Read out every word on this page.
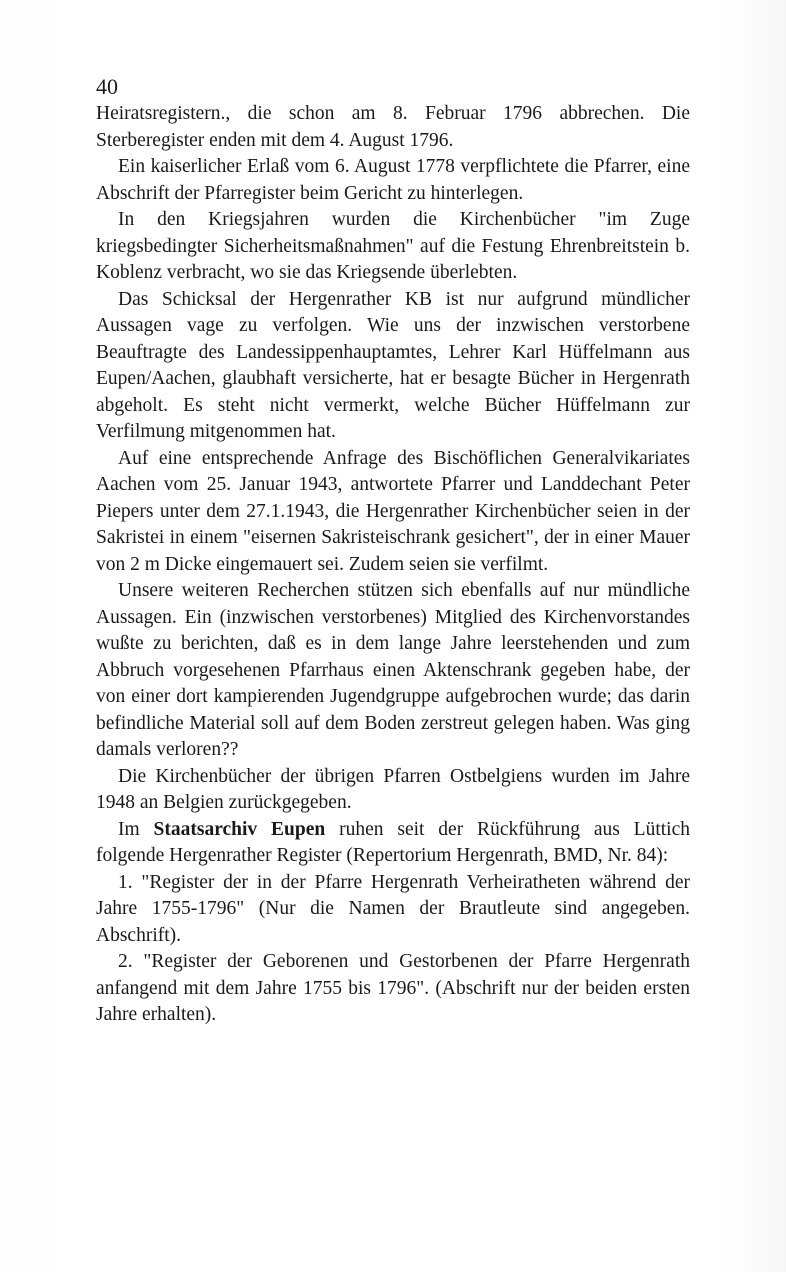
40

Heiratsregistern., die schon am 8. Februar 1796 abbrechen. Die Sterberegister enden mit dem 4. August 1796.

Ein kaiserlicher Erlaß vom 6. August 1778 verpflichtete die Pfarrer, eine Abschrift der Pfarregister beim Gericht zu hinterlegen.

In den Kriegsjahren wurden die Kirchenbücher "im Zuge kriegsbedingter Sicherheitsmaßnahmen" auf die Festung Ehrenbreitstein b. Koblenz verbracht, wo sie das Kriegsende überlebten.

Das Schicksal der Hergenrather KB ist nur aufgrund mündlicher Aussagen vage zu verfolgen. Wie uns der inzwischen verstorbene Beauftragte des Landessippenhauptamtes, Lehrer Karl Hüffelmann aus Eupen/Aachen, glaubhaft versicherte, hat er besagte Bücher in Hergenrath abgeholt. Es steht nicht vermerkt, welche Bücher Hüffelmann zur Verfilmung mitgenommen hat.

Auf eine entsprechende Anfrage des Bischöflichen Generalvikariates Aachen vom 25. Januar 1943, antwortete Pfarrer und Landdechant Peter Piepers unter dem 27.1.1943, die Hergenrather Kirchenbücher seien in der Sakristei in einem "eisernen Sakristeischrank gesichert", der in einer Mauer von 2 m Dicke eingemauert sei. Zudem seien sie verfilmt.

Unsere weiteren Recherchen stützen sich ebenfalls auf nur mündliche Aussagen. Ein (inzwischen verstorbenes) Mitglied des Kirchenvorstandes wußte zu berichten, daß es in dem lange Jahre leerstehenden und zum Abbruch vorgesehenen Pfarrhaus einen Aktenschrank gegeben habe, der von einer dort kampierenden Jugendgruppe aufgebrochen wurde; das darin befindliche Material soll auf dem Boden zerstreut gelegen haben. Was ging damals verloren??

Die Kirchenbücher der übrigen Pfarren Ostbelgiens wurden im Jahre 1948 an Belgien zurückgegeben.

Im Staatsarchiv Eupen ruhen seit der Rückführung aus Lüttich folgende Hergenrather Register (Repertorium Hergenrath, BMD, Nr. 84):

1. "Register der in der Pfarre Hergenrath Verheiratheten während der Jahre 1755-1796" (Nur die Namen der Brautleute sind angegeben. Abschrift).

2. "Register der Geborenen und Gestorbenen der Pfarre Hergenrath anfangend mit dem Jahre 1755 bis 1796". (Abschrift nur der beiden ersten Jahre erhalten).
